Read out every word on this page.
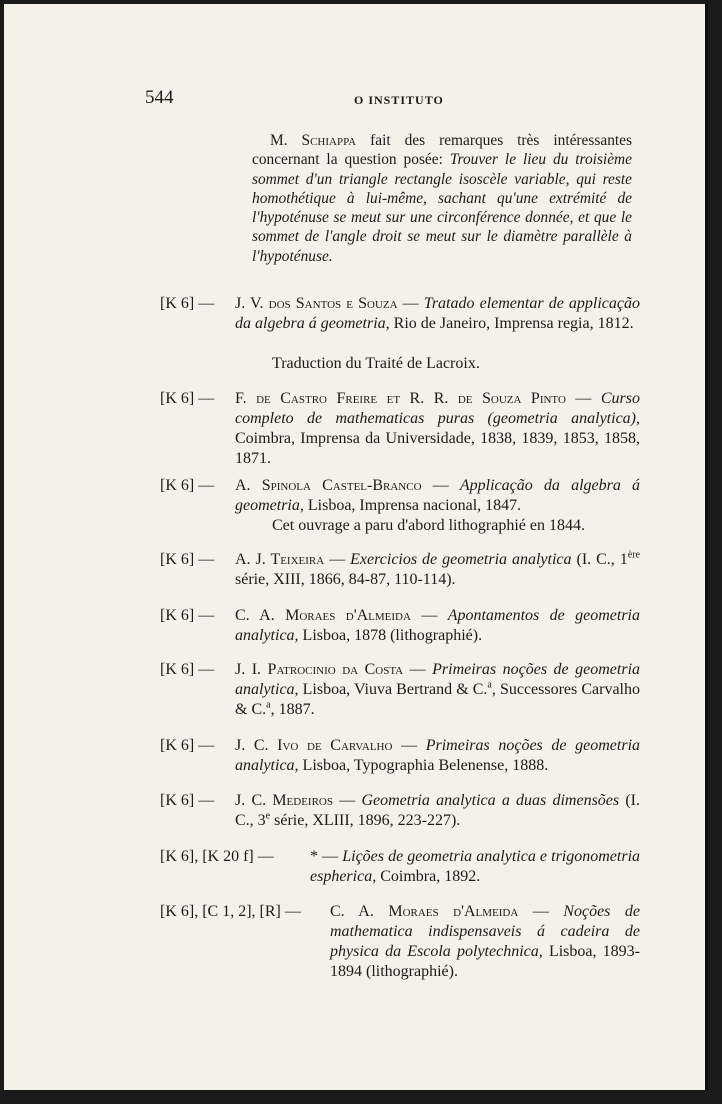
544	O INSTITUTO

M. Schiappa fait des remarques très intéressantes concernant la question posée: Trouver le lieu du troisième sommet d'un triangle rectangle isoscèle variable, qui reste homothétique à lui-même, sachant qu'une extrémité de l'hypoténuse se meut sur une circonférence donnée, et que le sommet de l'angle droit se meut sur le diamètre parallèle à l'hypoténuse.

[K 6] — J. V. dos Santos e Souza — Tratado elementar de applicação da algebra á geometria, Rio de Janeiro, Imprensa regia, 1812.
Traduction du Traité de Lacroix.
[K 6] — F. de Castro Freire et R. R. de Souza Pinto — Curso completo de mathematicas puras (geometria analytica), Coimbra, Imprensa da Universidade, 1838, 1839, 1853, 1858, 1871.
[K 6] — A. Spinola Castel-Branco — Applicação da algebra á geometria, Lisboa, Imprensa nacional, 1847.
Cet ouvrage a paru d'abord lithographié en 1844.
[K 6] — A. J. Teixeira — Exercicios de geometria analytica (I. C., 1ère série, XIII, 1866, 84-87, 110-114).
[K 6] — C. A. Moraes d'Almeida — Apontamentos de geometria analytica, Lisboa, 1878 (lithographié).
[K 6] — J. I. Patrocinio da Costa — Primeiras noções de geometria analytica, Lisboa, Viuva Bertrand & C.$^a$, Successores Carvalho & C.$^a$, 1887.
[K 6] — J. C. Ivo de Carvalho — Primeiras noções de geometria analytica, Lisboa, Typographia Belenense, 1888.
[K 6] — J. C. Medeiros — Geometria analytica a duas dimensões (I. C., 3e série, XLIII, 1896, 223-227).
[K 6], [K 20 f] — * — Lições de geometria analytica e trigonometria espherica, Coimbra, 1892.
[K 6], [C 1, 2], [R] — C. A. Moraes d'Almeida — Noções de mathematica indispensaveis á cadeira de physica da Escola polytechnica, Lisboa, 1893-1894 (lithographié).
